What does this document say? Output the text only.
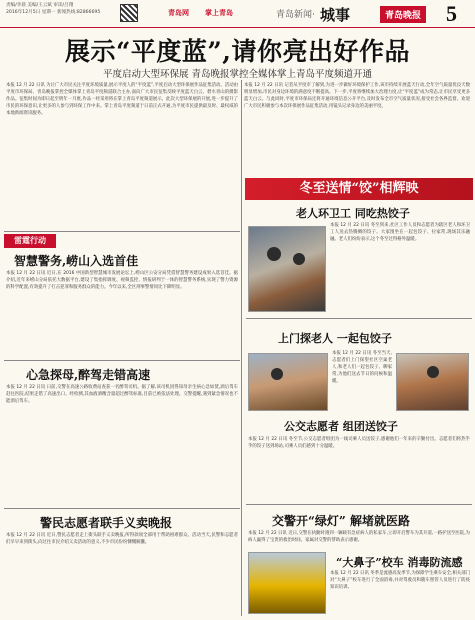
责编/李晨 美编/王云斌 审读/吕翔
2016年12月5日 星期一 新闻热线:82866695	青岛网 掌上青岛	青岛新闻· 城事	青岛晚报 5
展示“平度蓝”,请你亮出好作品
平度启动大型环保展 青岛晚报掌控全媒体掌上青岛平度频道开通
本报 12 月 22 日讯 为让广大市民关注平度环境质量,展示平度人的“平度蓝”,平度启动大型环保展作品征集活动。活动由平度市环保局、青岛晚报掌控全媒体掌上青岛平度频道联合主办,面向广大市民征集反映平度蓝天白云、碧水青山的摄影作品。征集时间为即日起至明年一月底,作品一经采用将在掌上青岛平度频道展示。此次大型环保展的开展,进一步提升了市民的环保意识,让更多的人参与到环保工作中来。掌上青岛平度频道于日前正式开通,为平度市民提供最及时、最权威的本地新闻资讯服务。
本报 12 月 22 日讯 记者从平度市了解到,为进一步做好环境保护工作,该市持续开展蓝天行动,全年空气质量优良天数明显增加,市民对身边环境的满意度不断提高。下一步,平度将继续加大治理力度,让“平度蓝”成为常态,让市民享受更多蓝天白云。与此同时,平度市环保局还将开通环境信息公开平台,及时发布全市空气质量状况,接受社会各界监督。欢迎广大市民积极参与本次环保展作品征集活动,用镜头记录身边的美丽平度。
雷霆行动
智慧警务,崂山入选首佳
本报 12 月 22 日讯 近日,在 2016 中国新型智慧城市发展论坛上,崂山区公安分局凭借智慧警务建设成果入选首佳。据介绍,近年来崂山分局依托大数据平台,建设了集指挥调度、视频监控、情报研判于一体的智慧警务系统,实现了警力资源的科学配置,有效提升了打击犯罪和服务群众的能力。今年以来,全区刑事警情同比下降明显。
心急探母,醉驾走错高速
本报 12 月 22 日讯 日前,交警在高速公路收费站查获一名醉驾司机。据了解,该司机因得知母亲生病心急如焚,酒后驾车赶往医院,结果走错了高速出口。经检测,其血液酒精含量超过醉驾标准,目前已被依法处理。交警提醒,遇到紧急情况也不能酒后驾车。
警民志愿者联手义卖晚报
本报 12 月 22 日讯 近日,警民志愿者走上街头联手义卖晚报,所得款项全部用于帮助困难群众。活动当天,民警和志愿者们早早来到街头,向过往市民介绍义卖活动的意义,不少市民纷纷慷慨解囊。
冬至送情“饺”相辉映
老人环卫工 同吃热饺子
本报 12 月 22 日讯 冬至到来,社区工作人员和志愿者为辖区老人和环卫工人送去热腾腾的饺子。大家围坐在一起包饺子、拉家常,现场其乐融融。老人们纷纷表示,这个冬至过得格外温暖。
上门探老人 一起包饺子
本报 12 月 22 日讯 冬至当天,志愿者们上门探望社区空巢老人,和老人们一起包饺子、聊家常,为他们送去节日的问候和温暖。
公交志愿者 组团送饺子
本报 12 月 22 日讯 冬至节,公交志愿者组团为一线司乘人员送饺子,感谢他们一年来的辛勤付出。志愿者们将热乎乎的饺子送到场站,司乘人员们感到十分温暖。
交警开“绿灯” 解堵就医路
本报 12 月 22 日讯 近日,交警在执勤时遇到一辆载有急症病人的私家车,立即开启警车为其开道,一路护送至医院,为病人赢得了宝贵的救治时间。家属对交警的帮助表示感谢。
“大鼻子”校车 消毒防流感
本报 12 月 22 日讯 冬季是流感高发季节,为保障学生乘车安全,相关部门对“大鼻子”校车进行了全面消毒,并对驾驶员和随车照管人员进行了防疫知识培训。
